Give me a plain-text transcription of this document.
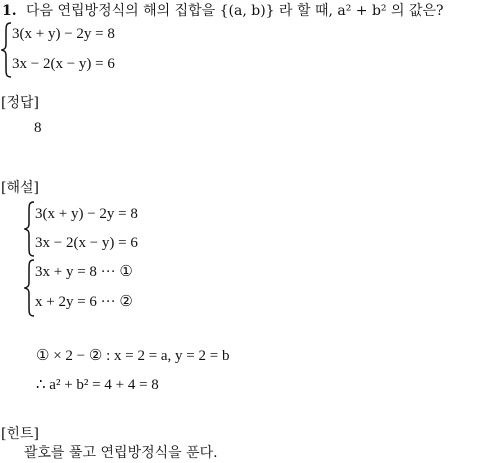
1. 다음 연립방정식의 해의 집합을 {(a, b)} 라 할 때, a² + b² 의 값은?
3(x + y) − 2y = 8
3x − 2(x − y) = 6
[정답]
8
[해설]
3(x + y) − 2y = 8
3x − 2(x − y) = 6
3x + y = 8 ··· ①
x + 2y = 6 ··· ②
① × 2 − ② : x = 2 = a, y = 2 = b
∴ a² + b² = 4 + 4 = 8
[힌트]
괄호를 풀고 연립방정식을 푼다.
